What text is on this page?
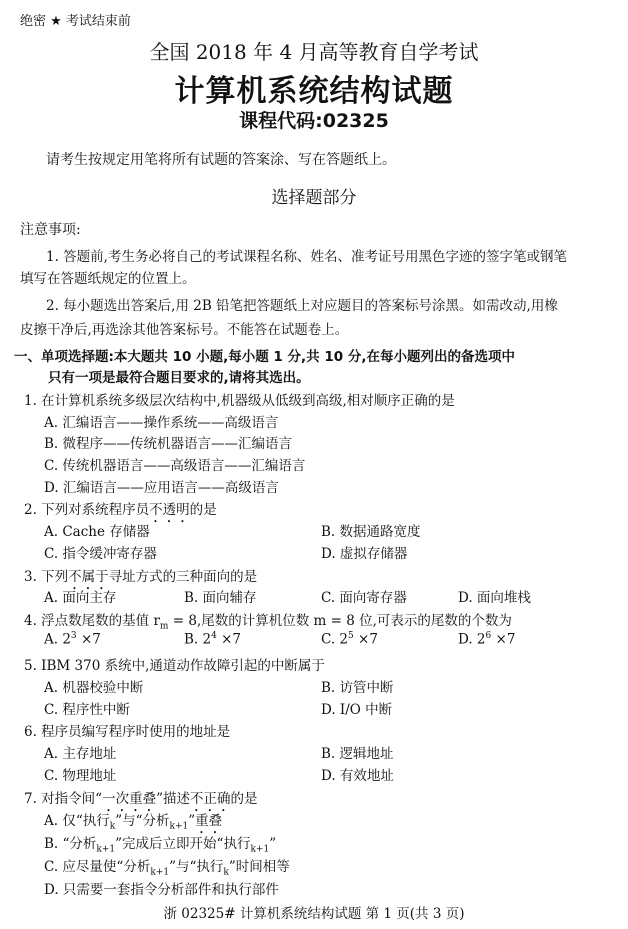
绝密 ★ 考试结束前
全国 2018 年 4 月高等教育自学考试
计算机系统结构试题
课程代码:02325
请考生按规定用笔将所有试题的答案涂、写在答题纸上。
选择题部分
注意事项:
1. 答题前,考生务必将自己的考试课程名称、姓名、准考证号用黑色字迹的签字笔或钢笔
填写在答题纸规定的位置上。
2. 每小题选出答案后,用 2B 铅笔把答题纸上对应题目的答案标号涂黑。如需改动,用橡
皮擦干净后,再选涂其他答案标号。不能答在试题卷上。
一、单项选择题:本大题共 10 小题,每小题 1 分,共 10 分,在每小题列出的备选项中
只有一项是最符合题目要求的,请将其选出。
1. 在计算机系统多级层次结构中,机器级从低级到高级,相对顺序正确的是
A. 汇编语言——操作系统——高级语言
B. 微程序——传统机器语言——汇编语言
C. 传统机器语言——高级语言——汇编语言
D. 汇编语言——应用语言——高级语言
2. 下列对系统程序员不透明的是
A. Cache 存储器	B. 数据通路宽度
C. 指令缓冲寄存器	D. 虚拟存储器
3. 下列不属于寻址方式的三种面向的是
A. 面向主存	B. 面向辅存	C. 面向寄存器	D. 面向堆栈
4. 浮点数尾数的基值 $r_m = 8$,尾数的计算机位数 m = 8 位,可表示的尾数的个数为
A. $2^3 \times 7$	B. $2^4 \times 7$	C. $2^5 \times 7$	D. $2^6 \times 7$
5. IBM 370 系统中,通道动作故障引起的中断属于
A. 机器校验中断	B. 访管中断
C. 程序性中断	D. I/O 中断
6. 程序员编写程序时使用的地址是
A. 主存地址	B. 逻辑地址
C. 物理地址	D. 有效地址
7. 对指令间“一次重叠”描述不正确的是
A. 仅“执行$_k$”与“分析$_{k+1}$”重叠
B. “分析$_{k+1}$”完成后立即开始“执行$_{k+1}$”
C. 应尽量使“分析$_{k+1}$”与“执行$_k$”时间相等
D. 只需要一套指令分析部件和执行部件
浙 02325# 计算机系统结构试题 第 1 页(共 3 页)
